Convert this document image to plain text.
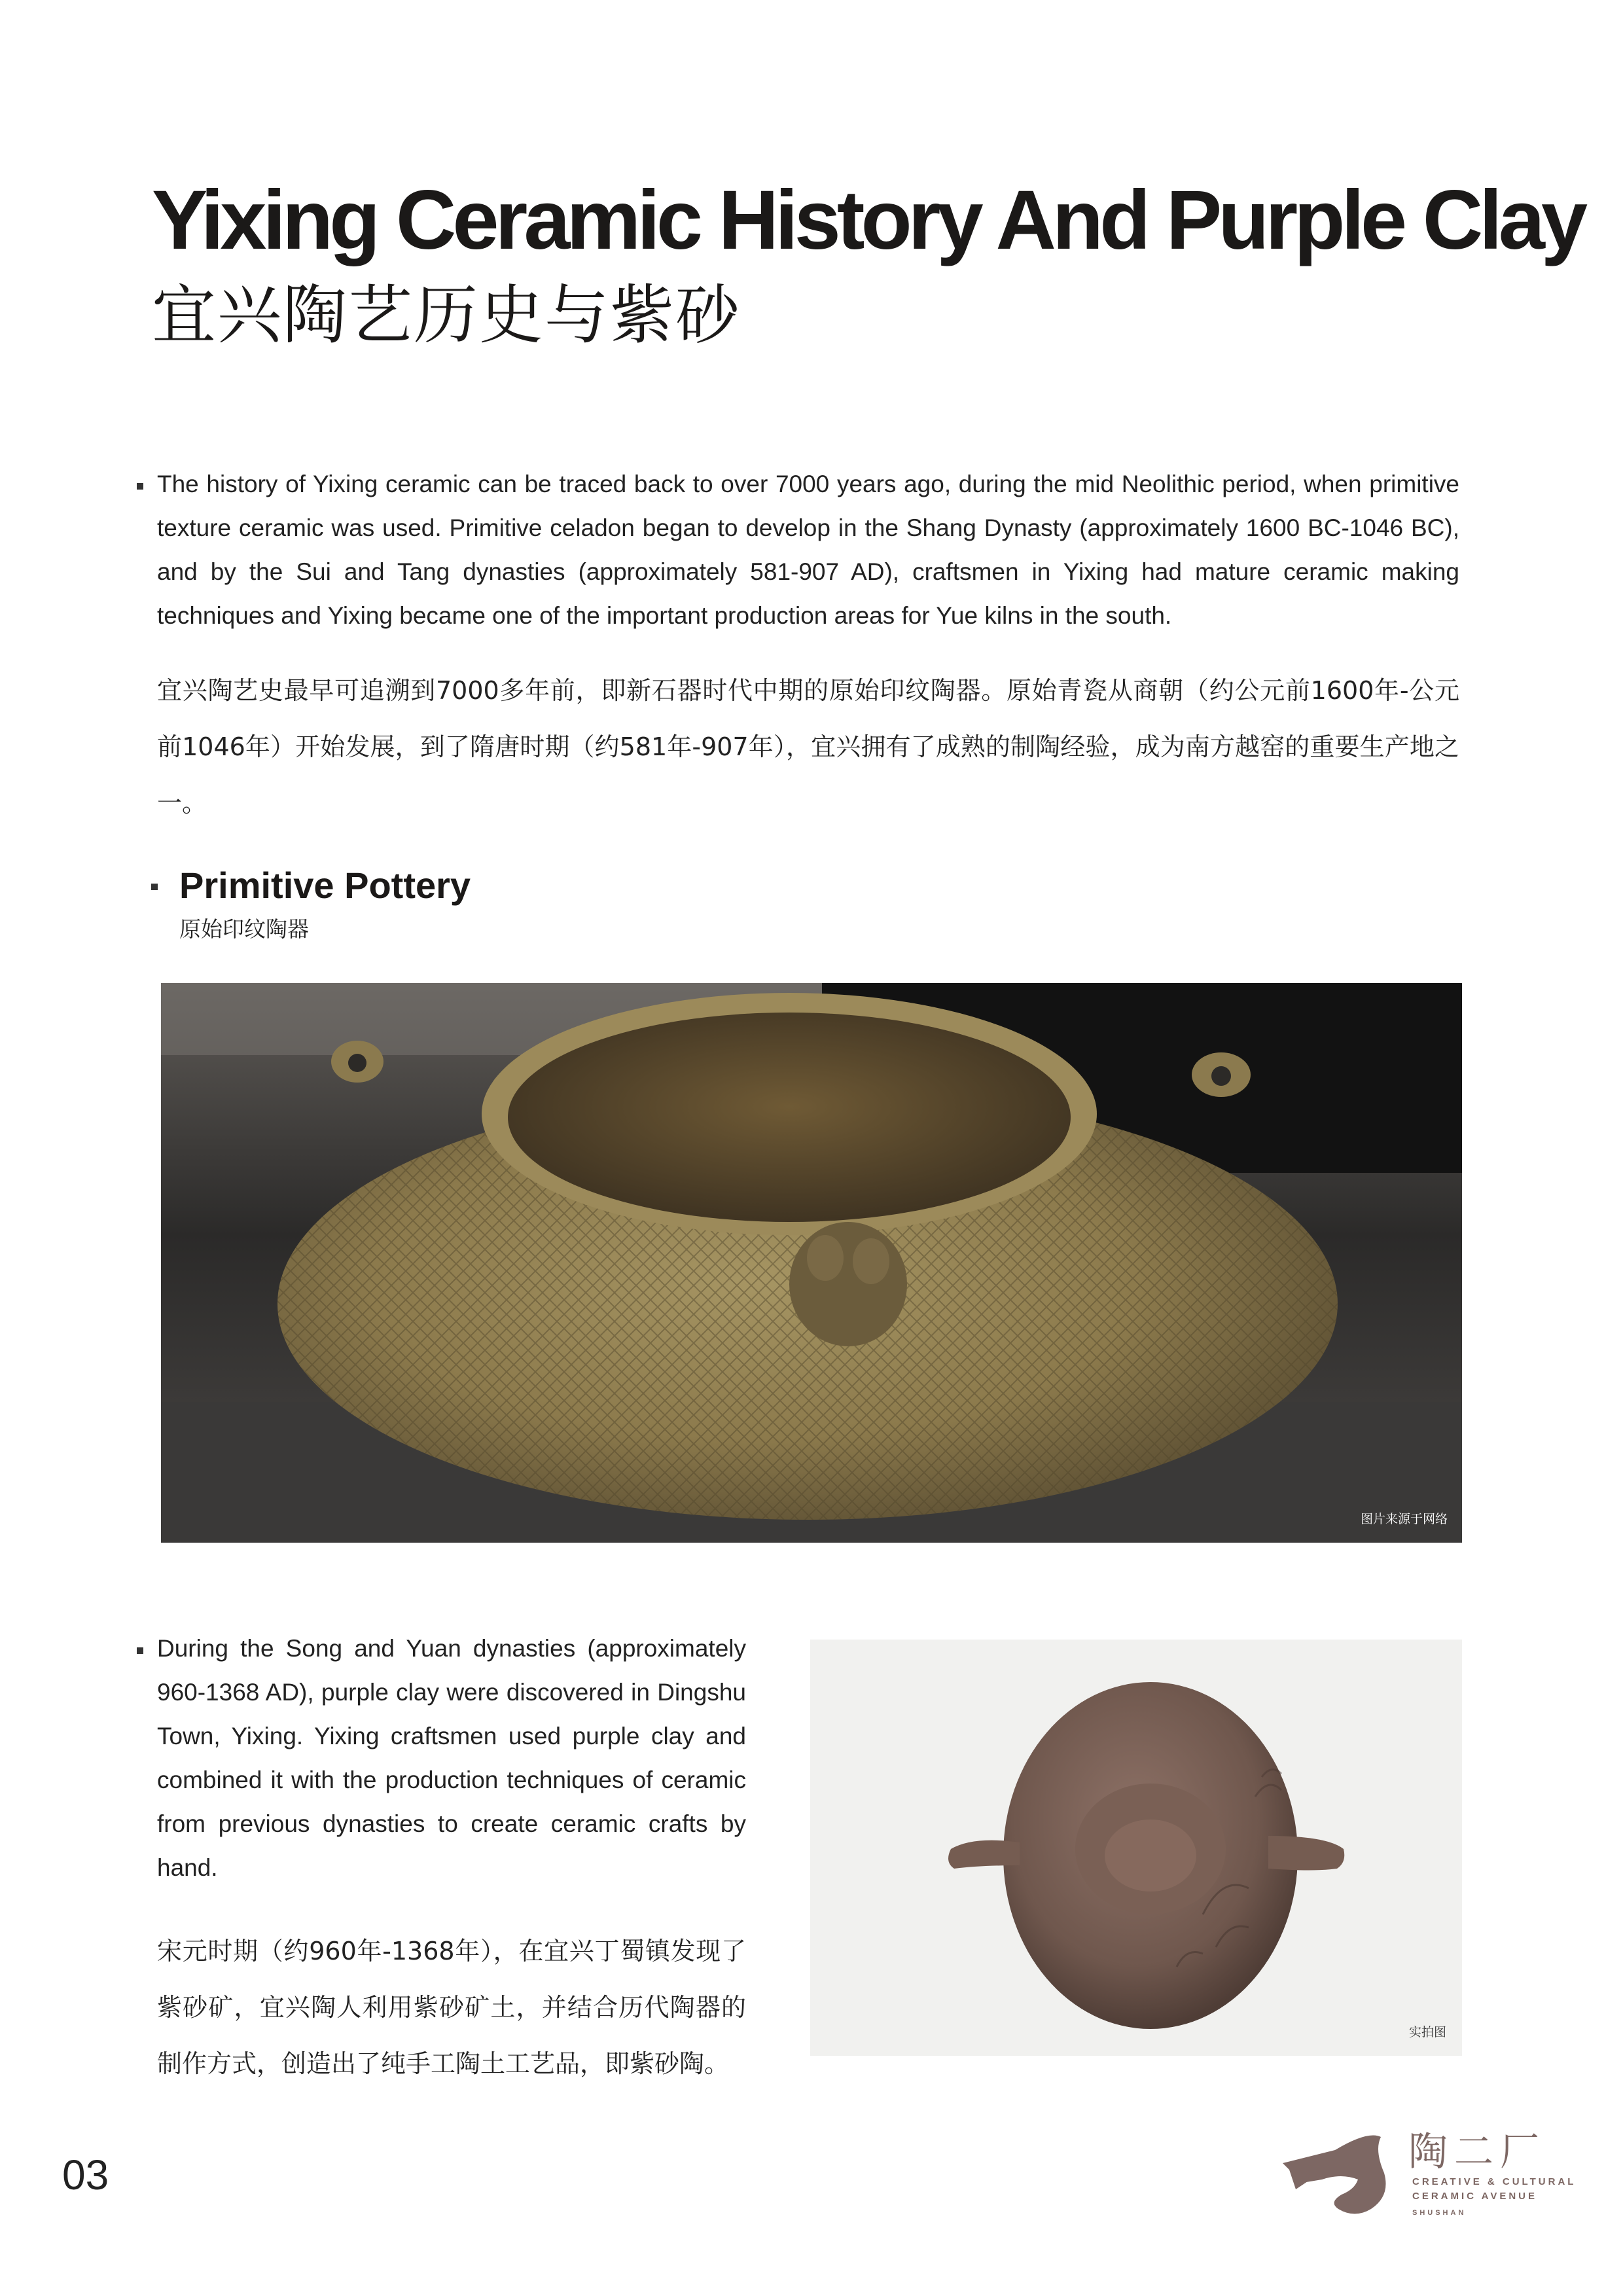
Yixing Ceramic History And Purple Clay
宜兴陶艺历史与紫砂
The history of Yixing ceramic can be traced back to over 7000 years ago, during the mid Neolithic period, when primitive texture ceramic was used. Primitive celadon began to develop in the Shang Dynasty (approximately 1600 BC-1046 BC), and by the Sui and Tang dynasties (approximately 581-907 AD), craftsmen in Yixing had mature ceramic making techniques and Yixing became one of the important production areas for Yue kilns in the south.
宜兴陶艺史最早可追溯到7000多年前，即新石器时代中期的原始印纹陶器。原始青瓷从商朝（约公元前1600年-公元前1046年）开始发展，到了隋唐时期（约581年-907年），宜兴拥有了成熟的制陶经验，成为南方越窑的重要生产地之一。
Primitive Pottery
原始印纹陶器
图片来源于网络
During the Song and Yuan dynasties (approximately 960-1368 AD), purple clay were discovered in Dingshu Town, Yixing. Yixing craftsmen used purple clay and combined it with the production techniques of ceramic from previous dynasties to create ceramic crafts by hand.
宋元时期（约960年-1368年），在宜兴丁蜀镇发现了紫砂矿，宜兴陶人利用紫砂矿土，并结合历代陶器的制作方式，创造出了纯手工陶土工艺品，即紫砂陶。
实拍图
03	陶二厂
CREATIVE & CULTURAL
CERAMIC AVENUE
SHUSHAN
